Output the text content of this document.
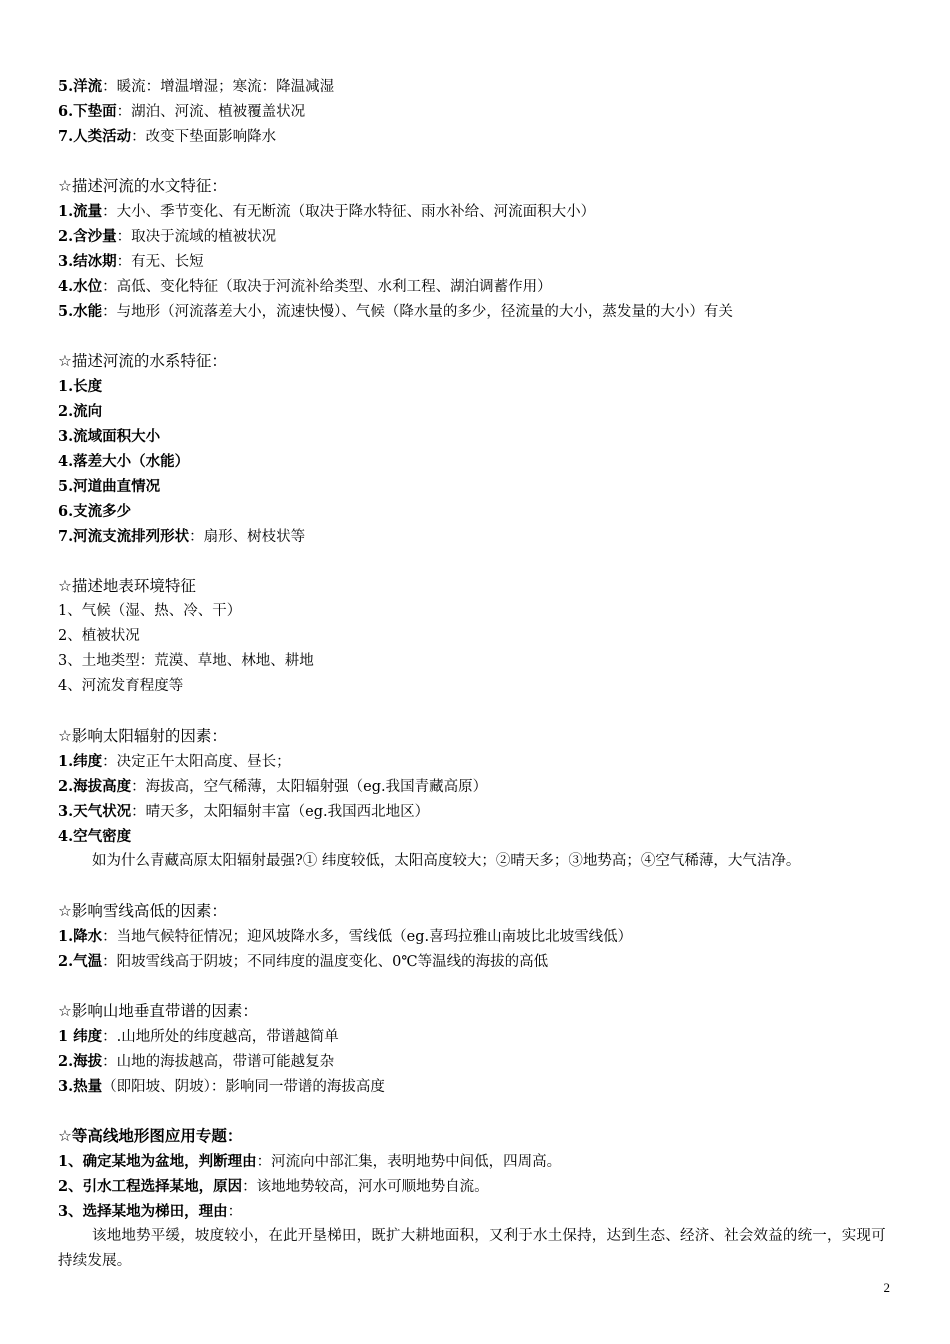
5.洋流：暖流：增温增湿；寒流：降温减湿
6.下垫面：湖泊、河流、植被覆盖状况
7.人类活动：改变下垫面影响降水
☆描述河流的水文特征：
1.流量：大小、季节变化、有无断流（取决于降水特征、雨水补给、河流面积大小）
2.含沙量：取决于流域的植被状况
3.结冰期：有无、长短
4.水位：高低、变化特征（取决于河流补给类型、水利工程、湖泊调蓄作用）
5.水能：与地形（河流落差大小，流速快慢）、气候（降水量的多少，径流量的大小，蒸发量的大小）有关
☆描述河流的水系特征：
1.长度
2.流向
3.流域面积大小
4.落差大小（水能）
5.河道曲直情况
6.支流多少
7.河流支流排列形状：扇形、树枝状等
☆描述地表环境特征
1、气候（湿、热、冷、干）
2、植被状况
3、土地类型：荒漠、草地、林地、耕地
4、河流发育程度等
☆影响太阳辐射的因素：
1.纬度：决定正午太阳高度、昼长；
2.海拔高度：海拔高，空气稀薄，太阳辐射强（eg.我国青藏高原）
3.天气状况：晴天多，太阳辐射丰富（eg.我国西北地区）
4.空气密度
如为什么青藏高原太阳辐射最强?① 纬度较低，太阳高度较大；②晴天多；③地势高；④空气稀薄，大气洁净。
☆影响雪线高低的因素：
1.降水：当地气候特征情况；迎风坡降水多，雪线低（eg.喜玛拉雅山南坡比北坡雪线低）
2.气温：阳坡雪线高于阴坡；不同纬度的温度变化、0℃等温线的海拔的高低
☆影响山地垂直带谱的因素：
1 纬度：.山地所处的纬度越高，带谱越简单
2.海拔：山地的海拔越高，带谱可能越复杂
3.热量（即阳坡、阴坡）：影响同一带谱的海拔高度
☆等高线地形图应用专题：
1、确定某地为盆地，判断理由：河流向中部汇集，表明地势中间低，四周高。
2、引水工程选择某地，原因：该地地势较高，河水可顺地势自流。
3、选择某地为梯田，理由：
该地地势平缓，坡度较小，在此开垦梯田，既扩大耕地面积，又利于水土保持，达到生态、经济、社会效益的统一，实现可持续发展。
2
